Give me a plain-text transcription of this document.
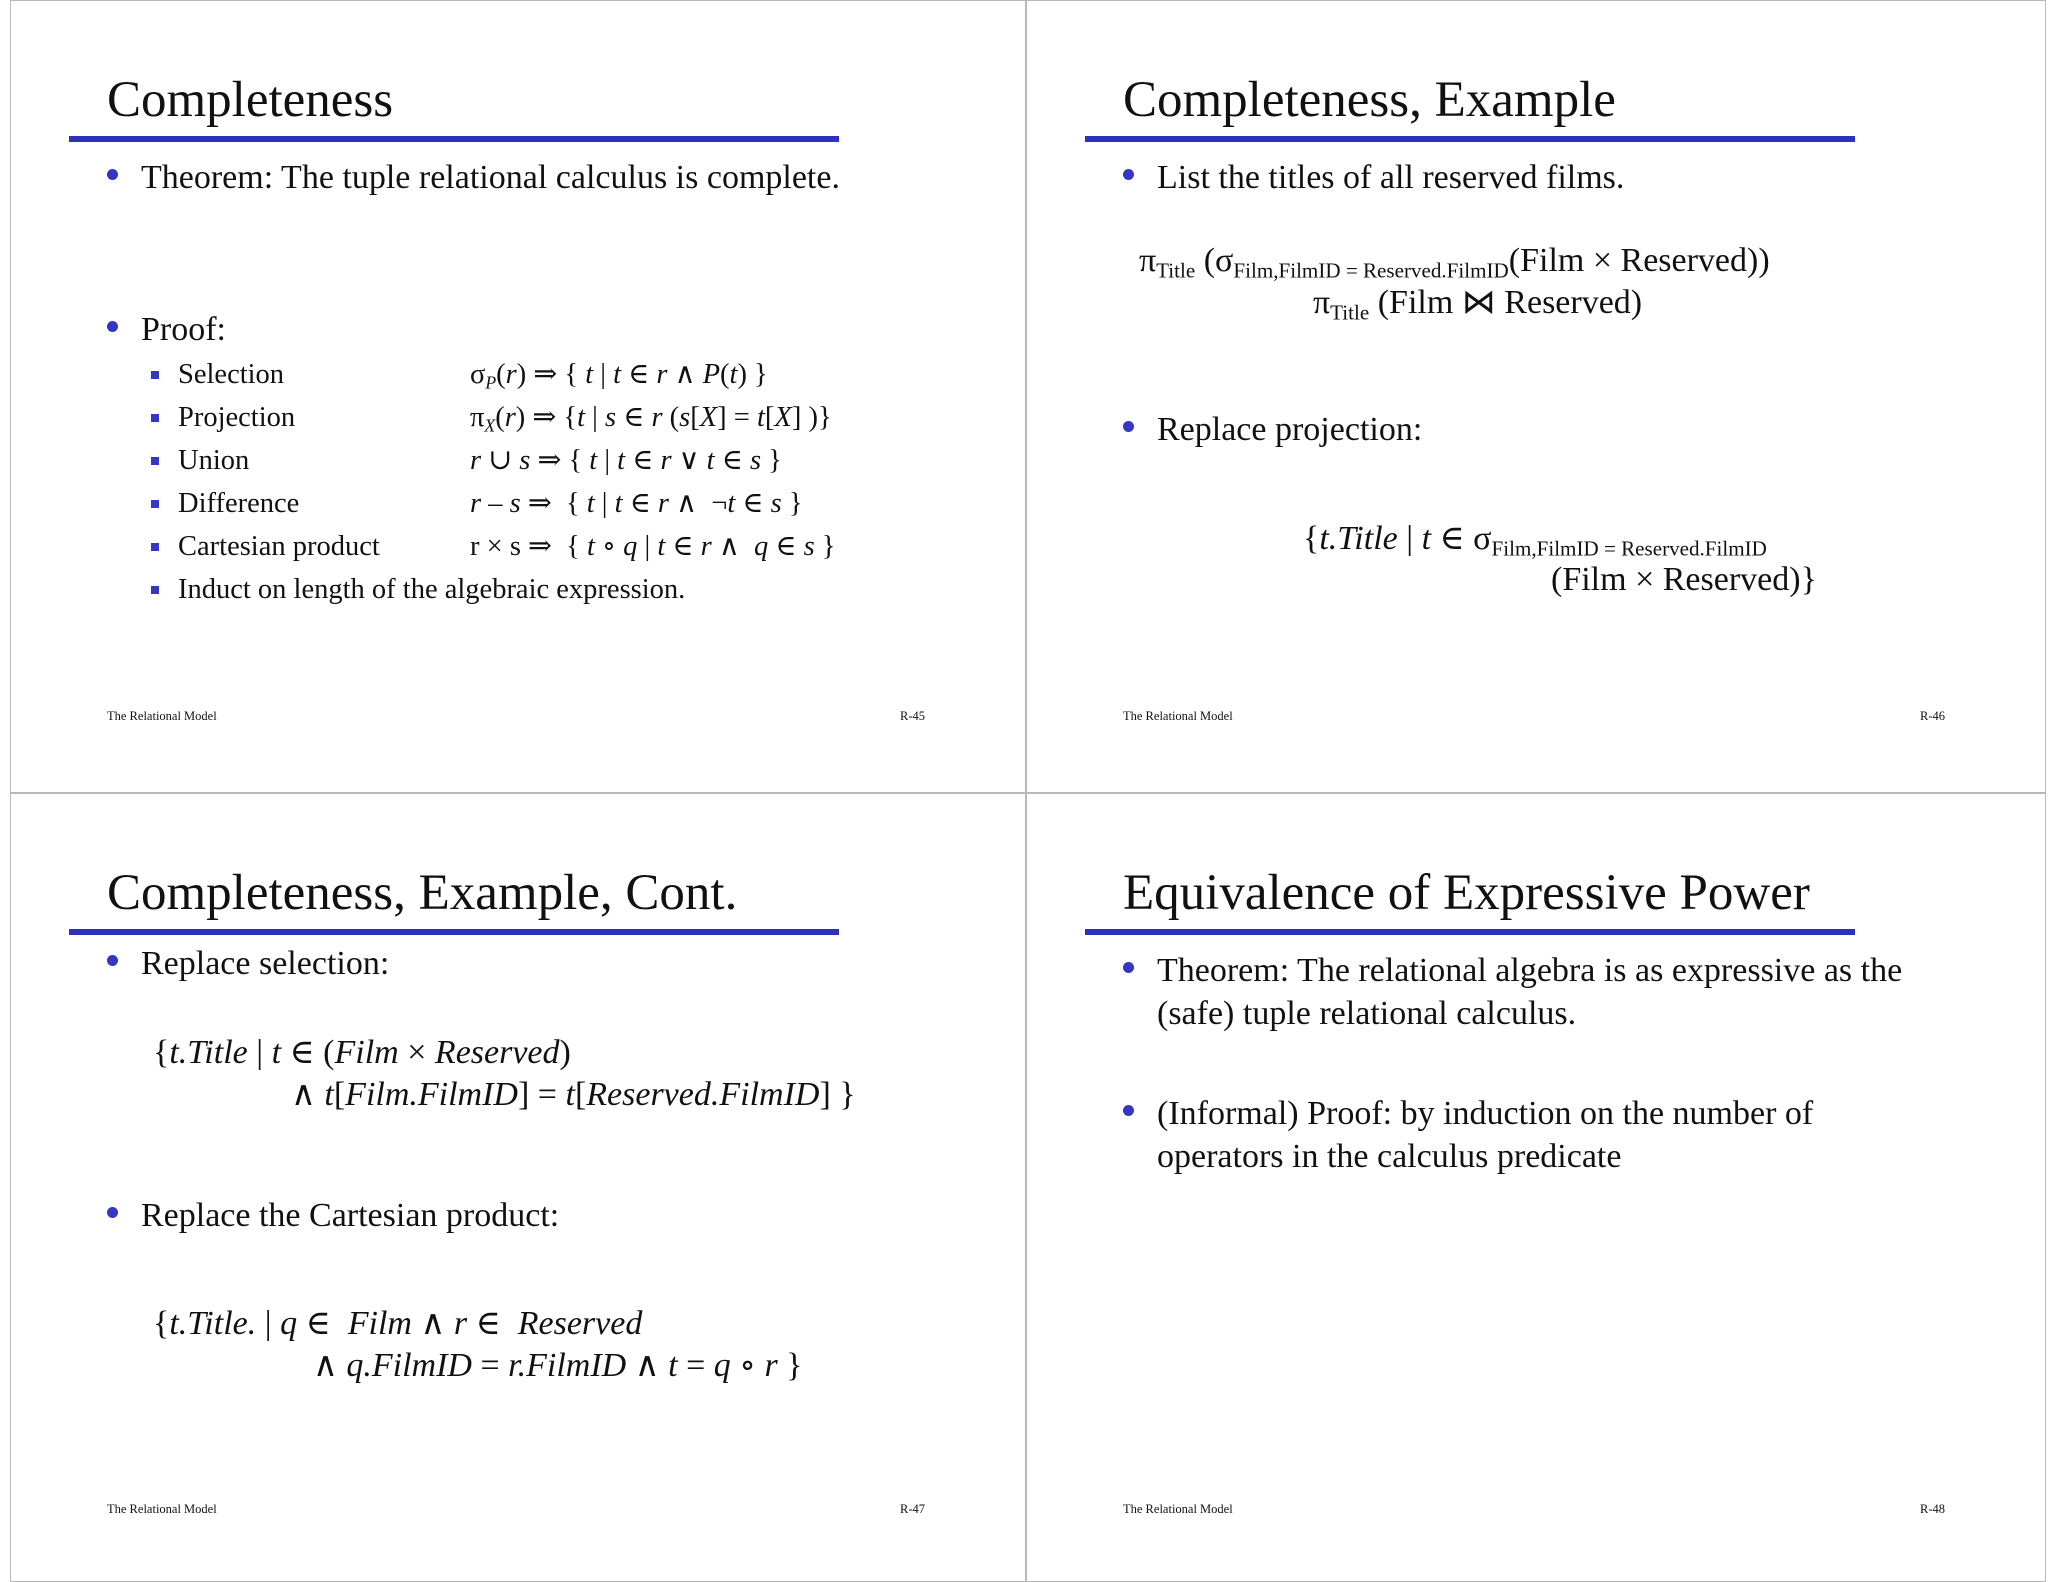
Completeness
Theorem: The tuple relational calculus is complete.
Proof:
Selection	$\sigma_P(r)$ ⇒ { t | t ∈ r ∧ P(t) }
Projection	$\pi_X(r)$ ⇒ {t | s ∈ r (s[X] = t[X] )}
Union	r ∪ s ⇒ { t | t ∈ r ∨ t ∈ s }
Difference	r – s ⇒  { t | t ∈ r ∧  ¬t ∈ s }
Cartesian product	r × s ⇒  { t ∘ q | t ∈ r ∧  q ∈ s }
Induct on length of the algebraic expression.
The Relational Model	R-45
Completeness, Example
List the titles of all reserved films.
$\pi_{Title}$ ($\sigma_{Film,FilmID = Reserved.FilmID}(Film$ × Reserved))
$\pi_{Title}$ (Film ⋈ Reserved)
Replace projection:
{t.Title | t ∈ $\sigma_{Film,FilmID = Reserved.FilmID}$
(Film × Reserved)}
The Relational Model	R-46
Completeness, Example, Cont.
Replace selection:
{t.Title | t ∈ (Film × Reserved)
∧ t[Film.FilmID] = t[Reserved.FilmID] }
Replace the Cartesian product:
{t.Title. | q ∈  Film ∧ r ∈  Reserved
∧ q.FilmID = r.FilmID ∧ t = q ∘ r }
The Relational Model	R-47
Equivalence of Expressive Power
Theorem: The relational algebra is as expressive as the (safe) tuple relational calculus.
(Informal) Proof: by induction on the number of operators in the calculus predicate
The Relational Model	R-48
